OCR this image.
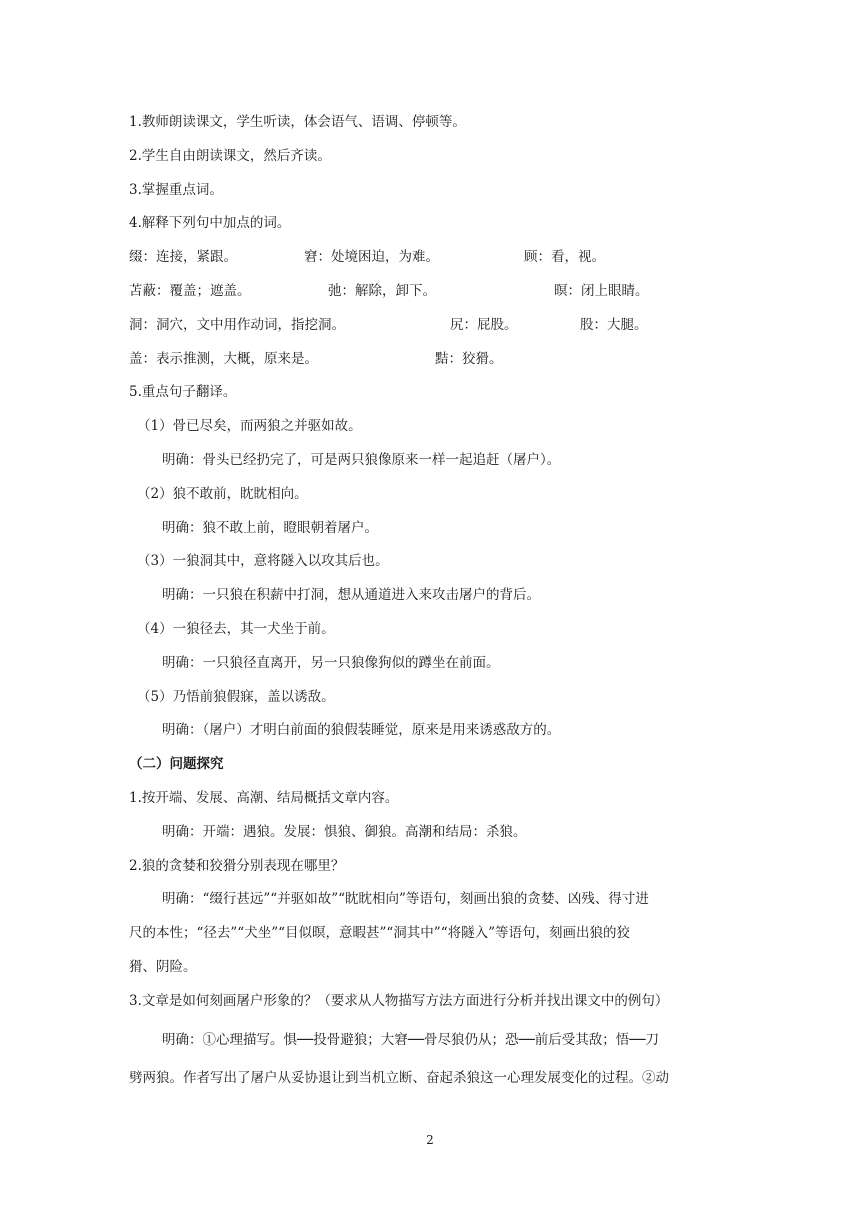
1.教师朗读课文，学生听读，体会语气、语调、停顿等。
2.学生自由朗读课文，然后齐读。
3.掌握重点词。
4.解释下列句中加点的词。
缀：连接，紧跟。	窘：处境困迫，为难。	顾：看，视。
苫蔽：覆盖；遮盖。	弛：解除，卸下。	暝：闭上眼睛。
洞：洞穴，文中用作动词，指挖洞。	尻：屁股。	股：大腿。
盖：表示推测，大概，原来是。	黠：狡猾。
5.重点句子翻译。
（1）骨已尽矣，而两狼之并驱如故。
明确：骨头已经扔完了，可是两只狼像原来一样一起追赶（屠户）。
（2）狼不敢前，眈眈相向。
明确：狼不敢上前，瞪眼朝着屠户。
（3）一狼洞其中，意将隧入以攻其后也。
明确：一只狼在积薪中打洞，想从通道进入来攻击屠户的背后。
（4）一狼径去，其一犬坐于前。
明确：一只狼径直离开，另一只狼像狗似的蹲坐在前面。
（5）乃悟前狼假寐，盖以诱敌。
明确：（屠户）才明白前面的狼假装睡觉，原来是用来诱惑敌方的。
（二）问题探究
1.按开端、发展、高潮、结局概括文章内容。
明确：开端：遇狼。发展：惧狼、御狼。高潮和结局：杀狼。
2.狼的贪婪和狡猾分别表现在哪里？
明确：“缀行甚远”“并驱如故”“眈眈相向”等语句，刻画出狼的贪婪、凶残、得寸进
尺的本性；“径去”“犬坐”“目似暝，意暇甚”“洞其中”“将隧入”等语句，刻画出狼的狡
猾、阴险。
3.文章是如何刻画屠户形象的？（要求从人物描写方法方面进行分析并找出课文中的例句）
明确：①心理描写。惧──投骨避狼；大窘──骨尽狼仍从；恐──前后受其敌；悟──刀
劈两狼。作者写出了屠户从妥协退让到当机立断、奋起杀狼这一心理发展变化的过程。②动
2
